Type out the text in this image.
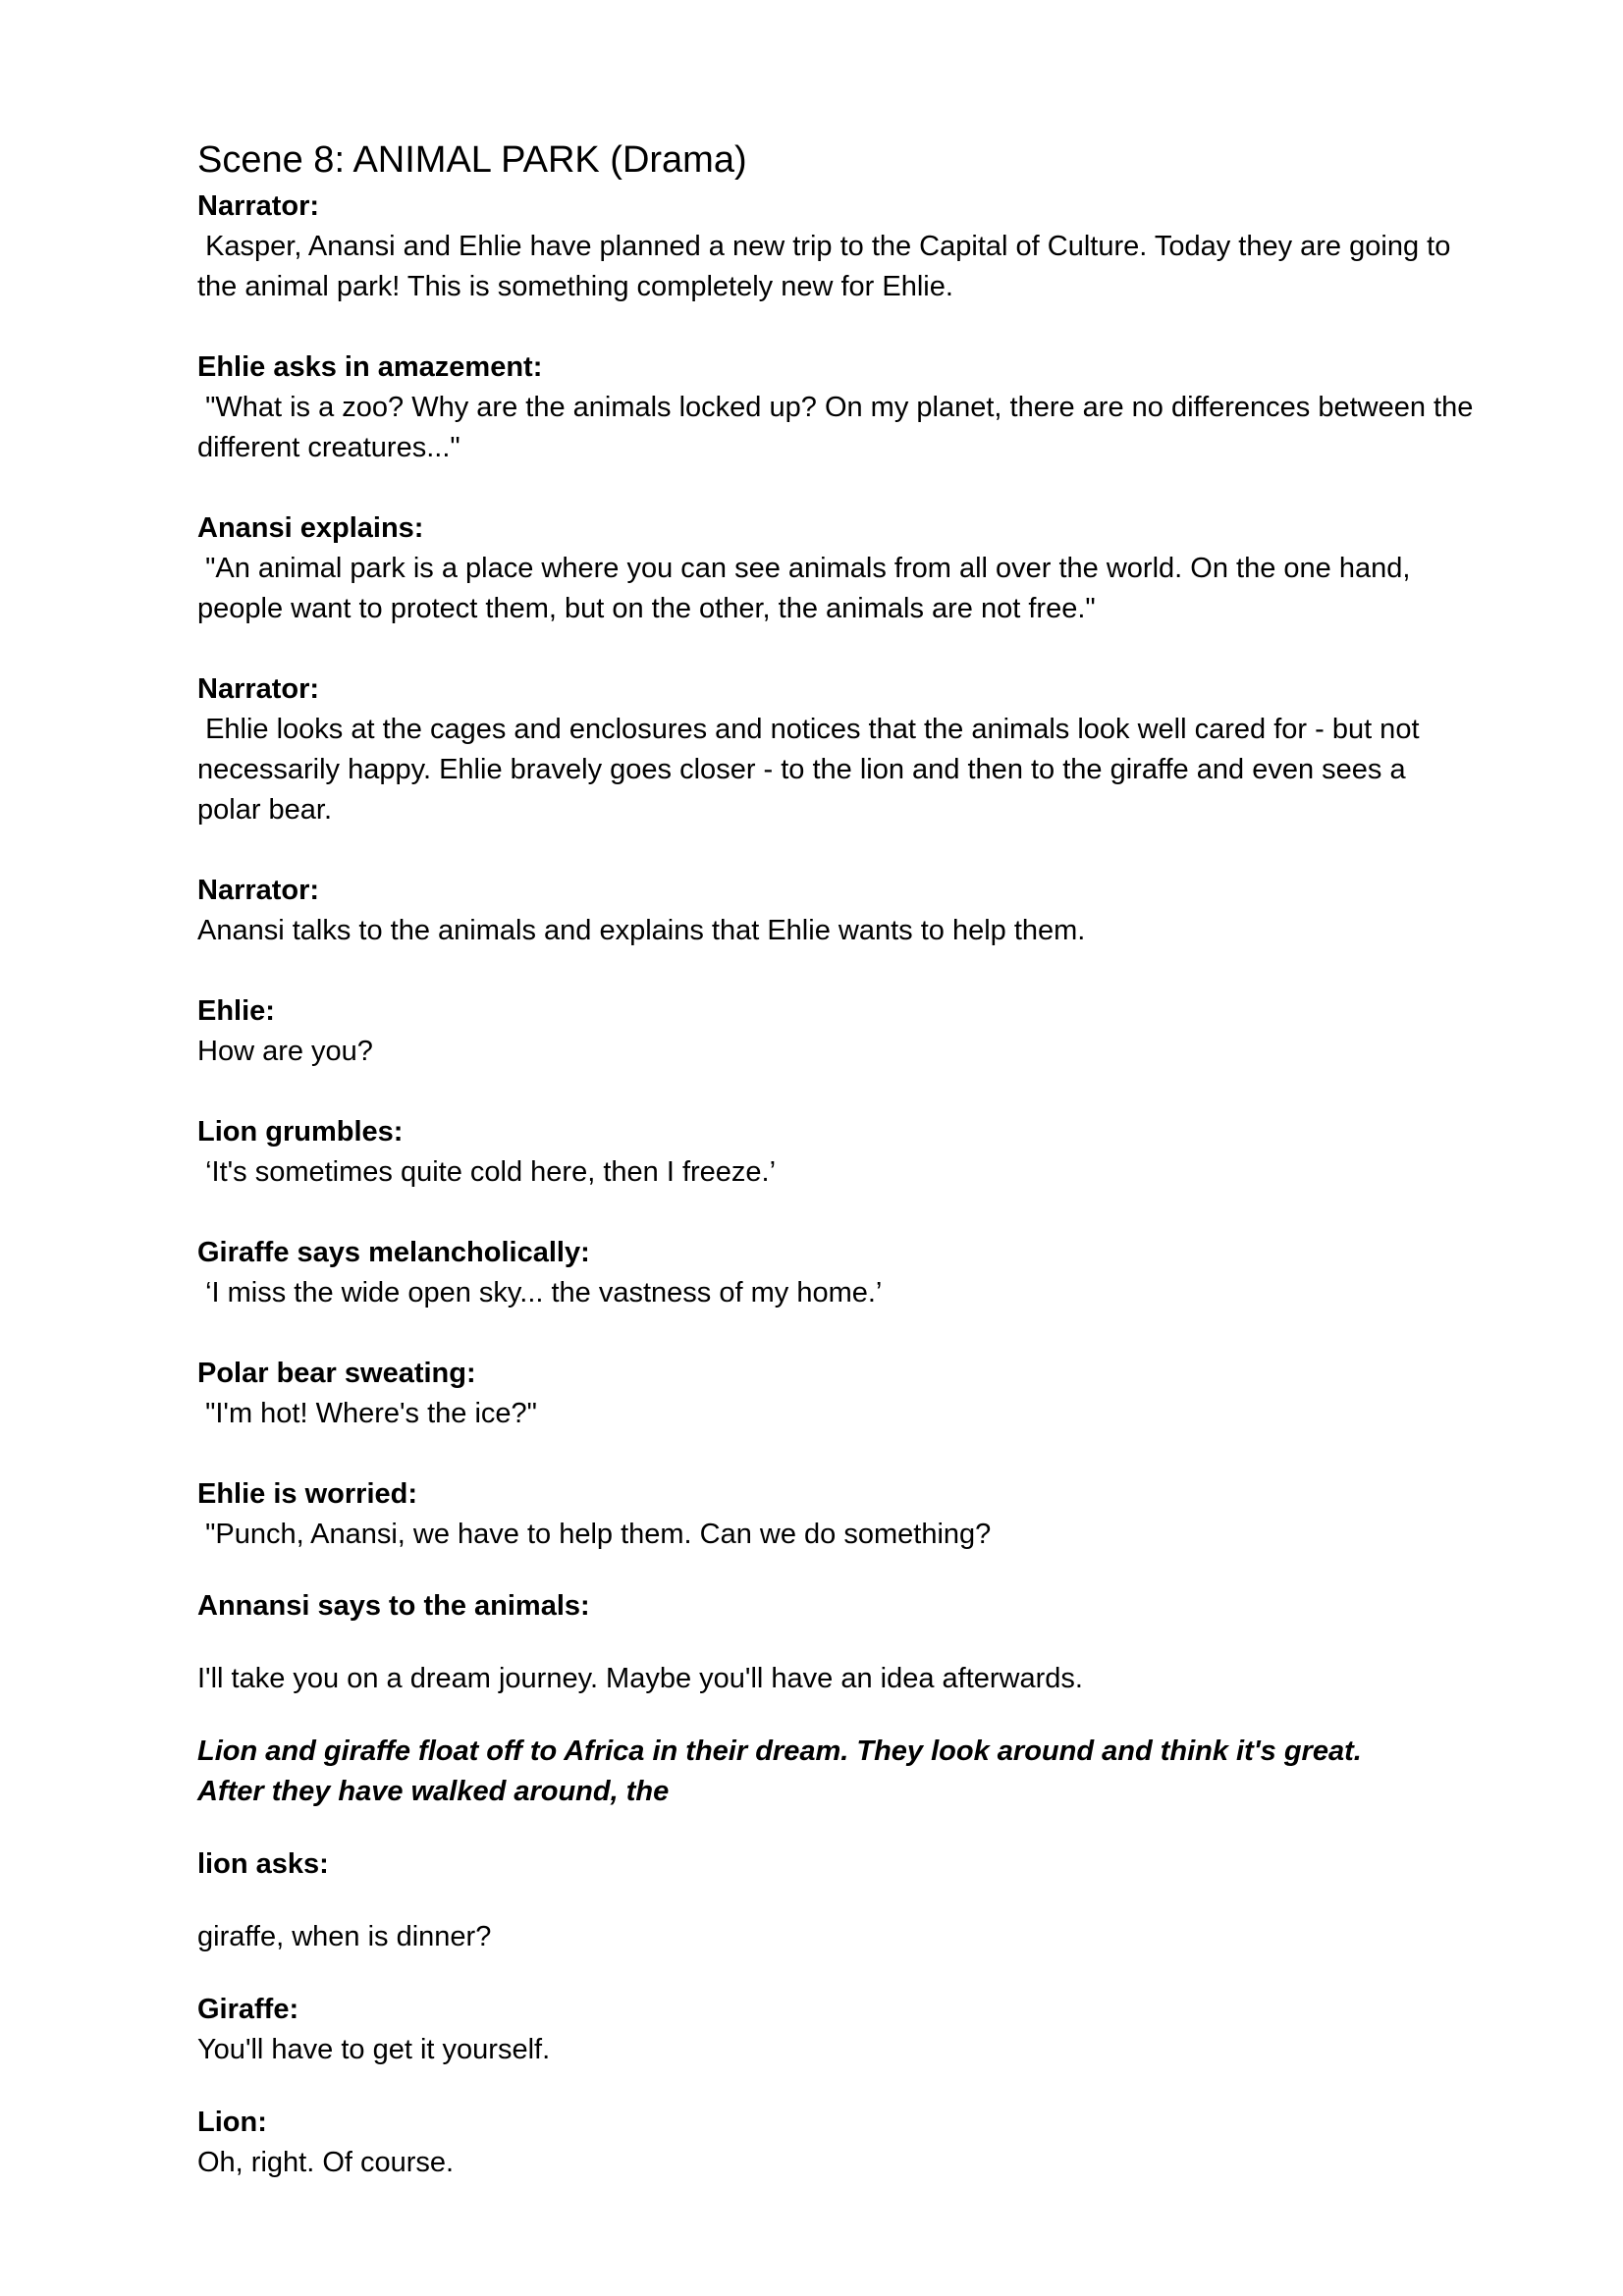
Scene 8: ANIMAL PARK (Drama)

Narrator:

Kasper, Anansi and Ehlie have planned a new trip to the Capital of Culture. Today they are going to the animal park! This is something completely new for Ehlie.

Ehlie asks in amazement:

"What is a zoo? Why are the animals locked up? On my planet, there are no differences between the different creatures..."

Anansi explains:

"An animal park is a place where you can see animals from all over the world. On the one hand, people want to protect them, but on the other, the animals are not free."

Narrator:

Ehlie looks at the cages and enclosures and notices that the animals look well cared for - but not necessarily happy. Ehlie bravely goes closer - to the lion and then to the giraffe and even sees a polar bear.

Narrator:

Anansi talks to the animals and explains that Ehlie wants to help them.

Ehlie:

How are you?

Lion grumbles:

‘It's sometimes quite cold here, then I freeze.’

Giraffe says melancholically:

‘I miss the wide open sky... the vastness of my home.’

Polar bear sweating:

"I'm hot! Where's the ice?"

Ehlie is worried:

"Punch, Anansi, we have to help them. Can we do something?

Annansi says to the animals:

I'll take you on a dream journey. Maybe you'll have an idea afterwards.

Lion and giraffe float off to Africa in their dream. They look around and think it's great.

After they have walked around, the

lion asks:

giraffe, when is dinner?

Giraffe:

You'll have to get it yourself.

Lion:

Oh, right. Of course.
